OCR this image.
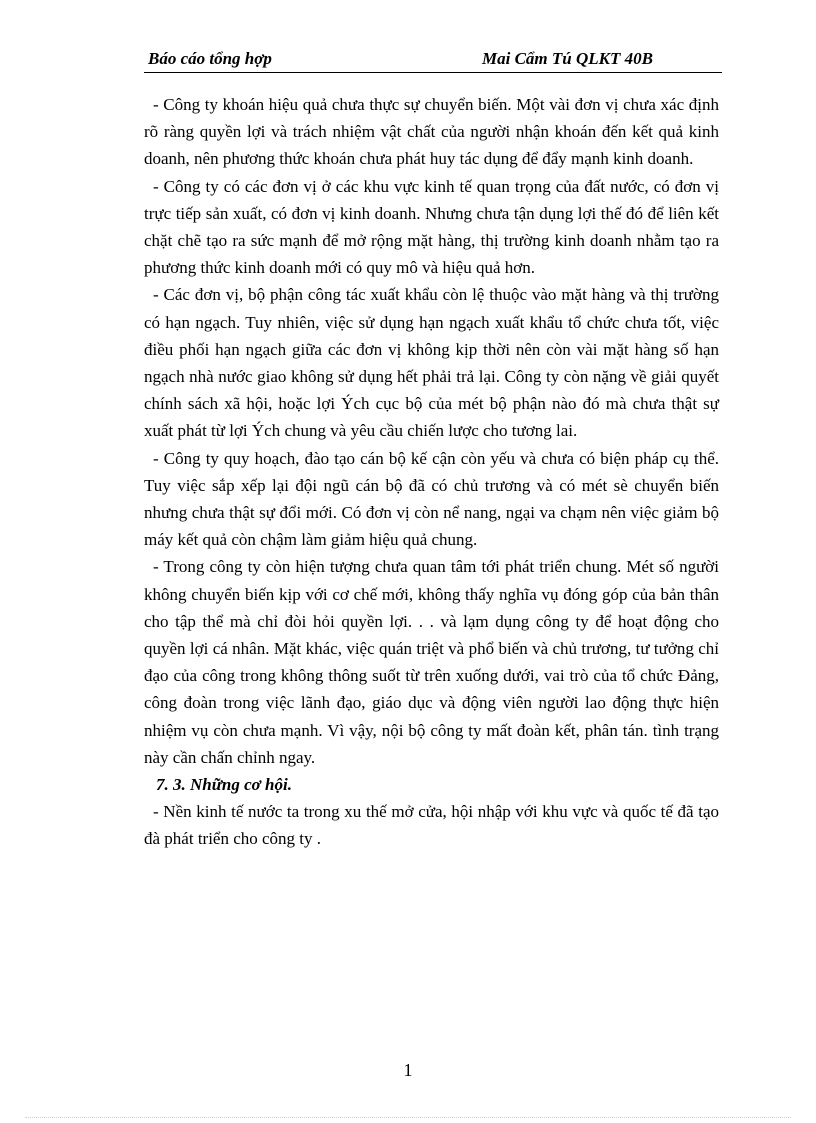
Báo cáo tổng hợp	Mai Cẩm Tú QLKT 40B

- Công ty khoán hiệu quả chưa thực sự chuyển biến. Một vài đơn vị chưa xác định rõ ràng quyền lợi và trách nhiệm vật chất của người nhận khoán đến kết quả kinh doanh, nên phương thức khoán chưa phát huy tác dụng để đẩy mạnh kinh doanh.

- Công ty có các đơn vị ở các khu vực kinh tế quan trọng của đất nước, có đơn vị trực tiếp sản xuất, có đơn vị kinh doanh. Nhưng chưa tận dụng lợi thế đó để liên kết chặt chẽ tạo ra sức mạnh để mở rộng mặt hàng, thị trường kinh doanh nhằm tạo ra phương thức kinh doanh mới có quy mô và hiệu quả hơn.

- Các đơn vị, bộ phận công tác xuất khẩu còn lệ thuộc vào mặt hàng và thị trường có hạn ngạch. Tuy nhiên, việc sử dụng hạn ngạch xuất khẩu tổ chức chưa tốt, việc điều phối hạn ngạch giữa các đơn vị không kịp thời nên còn vài mặt hàng số hạn ngạch nhà nước giao không sử dụng hết phải trả lại. Công ty còn nặng về giải quyết chính sách xã hội, hoặc lợi Ých cục bộ của mét bộ phận nào đó mà chưa thật sự xuất phát từ lợi Ých chung và yêu cầu chiến lược cho tương lai.

- Công ty quy hoạch, đào tạo cán bộ kế cận còn yếu và chưa có biện pháp cụ thể. Tuy việc sắp xếp lại đội ngũ cán bộ đã có chủ trương và có mét sè chuyển biến nhưng chưa thật sự đổi mới. Có đơn vị còn nể nang, ngại va chạm nên việc giảm bộ máy kết quả còn chậm làm giảm hiệu quả chung.

- Trong công ty còn hiện tượng chưa quan tâm tới phát triển chung. Mét số người không chuyển biến kịp với cơ chế mới, không thấy nghĩa vụ đóng góp của bản thân cho tập thể mà chỉ đòi hỏi quyền lợi. . . và lạm dụng công ty để hoạt động cho quyền lợi cá nhân. Mặt khác, việc quán triệt và phổ biến và chủ trương, tư tưởng chỉ đạo của công trong không thông suốt từ trên xuống dưới, vai trò của tổ chức Đảng, công đoàn trong việc lãnh đạo, giáo dục và động viên người lao động thực hiện nhiệm vụ còn chưa mạnh. Vì vậy, nội bộ công ty mất đoàn kết, phân tán. tình trạng này cần chấn chỉnh ngay.

7. 3. Những cơ hội.

- Nền kinh tế nước ta trong xu thế mở cửa, hội nhập với khu vực và quốc tế đã tạo đà phát triển cho công ty .

1
